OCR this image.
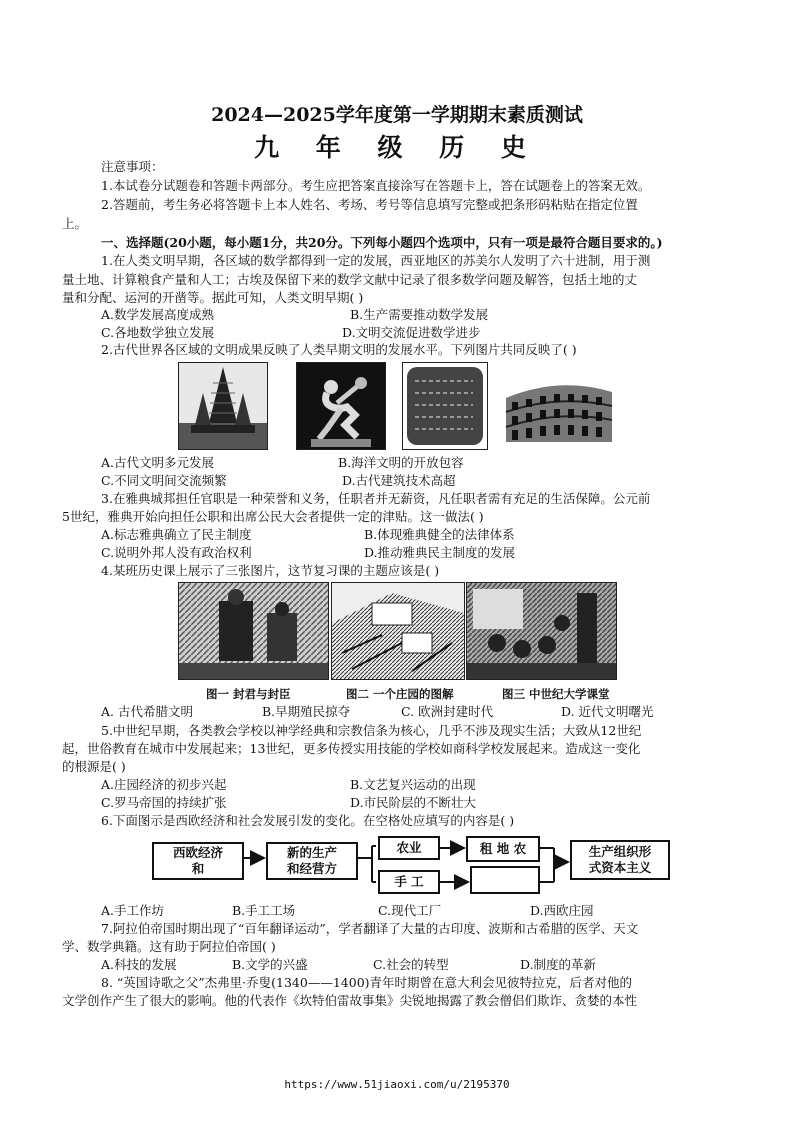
2024—2025学年度第一学期期末素质测试
九 年 级 历 史
注意事项：
1.本试卷分试题卷和答题卡两部分。考生应把答案直接涂写在答题卡上，答在试题卷上的答案无效。
2.答题前，考生务必将答题卡上本人姓名、考场、考号等信息填写完整或把条形码粘贴在指定位置
上。
一、选择题(20小题，每小题1分，共20分。下列每小题四个选项中，只有一项是最符合题目要求的。)
1.在人类文明早期，各区域的数学都得到一定的发展，西亚地区的苏美尔人发明了六十进制，用于测
量土地、计算粮食产量和人工；古埃及保留下来的数学文献中记录了很多数学问题及解答，包括土地的丈
量和分配、运河的开凿等。据此可知，人类文明早期( )
A.数学发展高度成熟	B.生产需要推动数学发展
C.各地数学独立发展	D.文明交流促进数学进步
2.古代世界各区域的文明成果反映了人类早期文明的发展水平。下列图片共同反映了( )
A.古代文明多元发展	B.海洋文明的开放包容
C.不同文明间交流频繁	D.古代建筑技术高超
3.在雅典城邦担任官职是一种荣誉和义务，任职者并无薪资，凡任职者需有充足的生活保障。公元前
5世纪，雅典开始向担任公职和出席公民大会者提供一定的津贴。这一做法( )
A.标志雅典确立了民主制度	B.体现雅典健全的法律体系
C.说明外邦人没有政治权利	D.推动雅典民主制度的发展
4.某班历史课上展示了三张图片，这节复习课的主题应该是( )
图一 封君与封臣	图二 一个庄园的图解	图三 中世纪大学课堂
A. 古代希腊文明	B.早期殖民掠夺	C. 欧洲封建时代	D. 近代文明曙光
5.中世纪早期，各类教会学校以神学经典和宗教信条为核心，几乎不涉及现实生活；大致从12世纪
起，世俗教育在城市中发展起来；13世纪，更多传授实用技能的学校如商科学校发展起来。造成这一变化
的根源是( )
A.庄园经济的初步兴起	B.文艺复兴运动的出现
C.罗马帝国的持续扩张	D.市民阶层的不断壮大
6.下面图示是西欧经济和社会发展引发的变化。在空格处应填写的内容是( )
西欧经济
和
新的生产
和经营方
农业	租 地 农
手 工
生产组织形
式资本主义
A.手工作坊	B.手工工场	C.现代工厂	D.西欧庄园
7.阿拉伯帝国时期出现了“百年翻译运动”，学者翻译了大量的古印度、波斯和古希腊的医学、天文
学、数学典籍。这有助于阿拉伯帝国( )
A.科技的发展	B.文学的兴盛	C.社会的转型	D.制度的革新
8. “英国诗歌之父”杰弗里·乔叟(1340——1400)青年时期曾在意大利会见彼特拉克，后者对他的
文学创作产生了很大的影响。他的代表作《坎特伯雷故事集》尖锐地揭露了教会僧侣们欺诈、贪婪的本性
https://www.51jiaoxi.com/u/2195370
